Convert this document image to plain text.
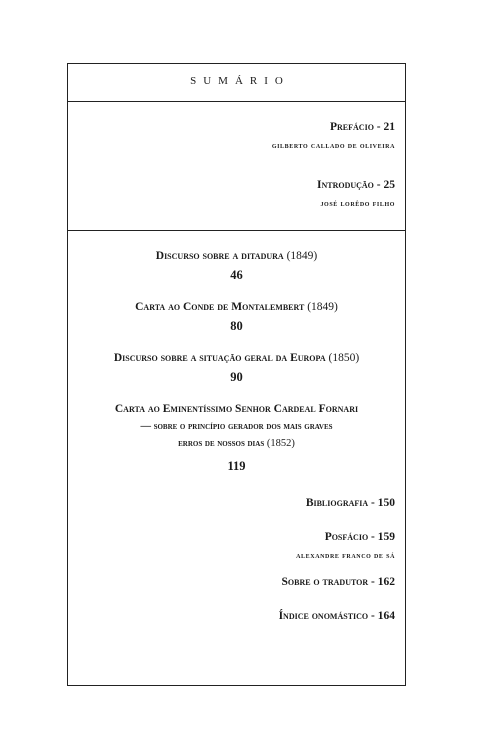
SUMÁRIO
Prefácio - 21
gilberto callado de oliveira
Introdução - 25
josé lorêdo filho
Discurso sobre a ditadura (1849)
46
Carta ao Conde de Montalembert (1849)
80
Discurso sobre a situação geral da Europa (1850)
90
Carta ao Eminentíssimo Senhor Cardeal Fornari
— sobre o princípio gerador dos mais graves
erros de nossos dias (1852)
119
Bibliografia - 150
Posfácio - 159
alexandre franco de sá
Sobre o tradutor - 162
Índice onomástico - 164
